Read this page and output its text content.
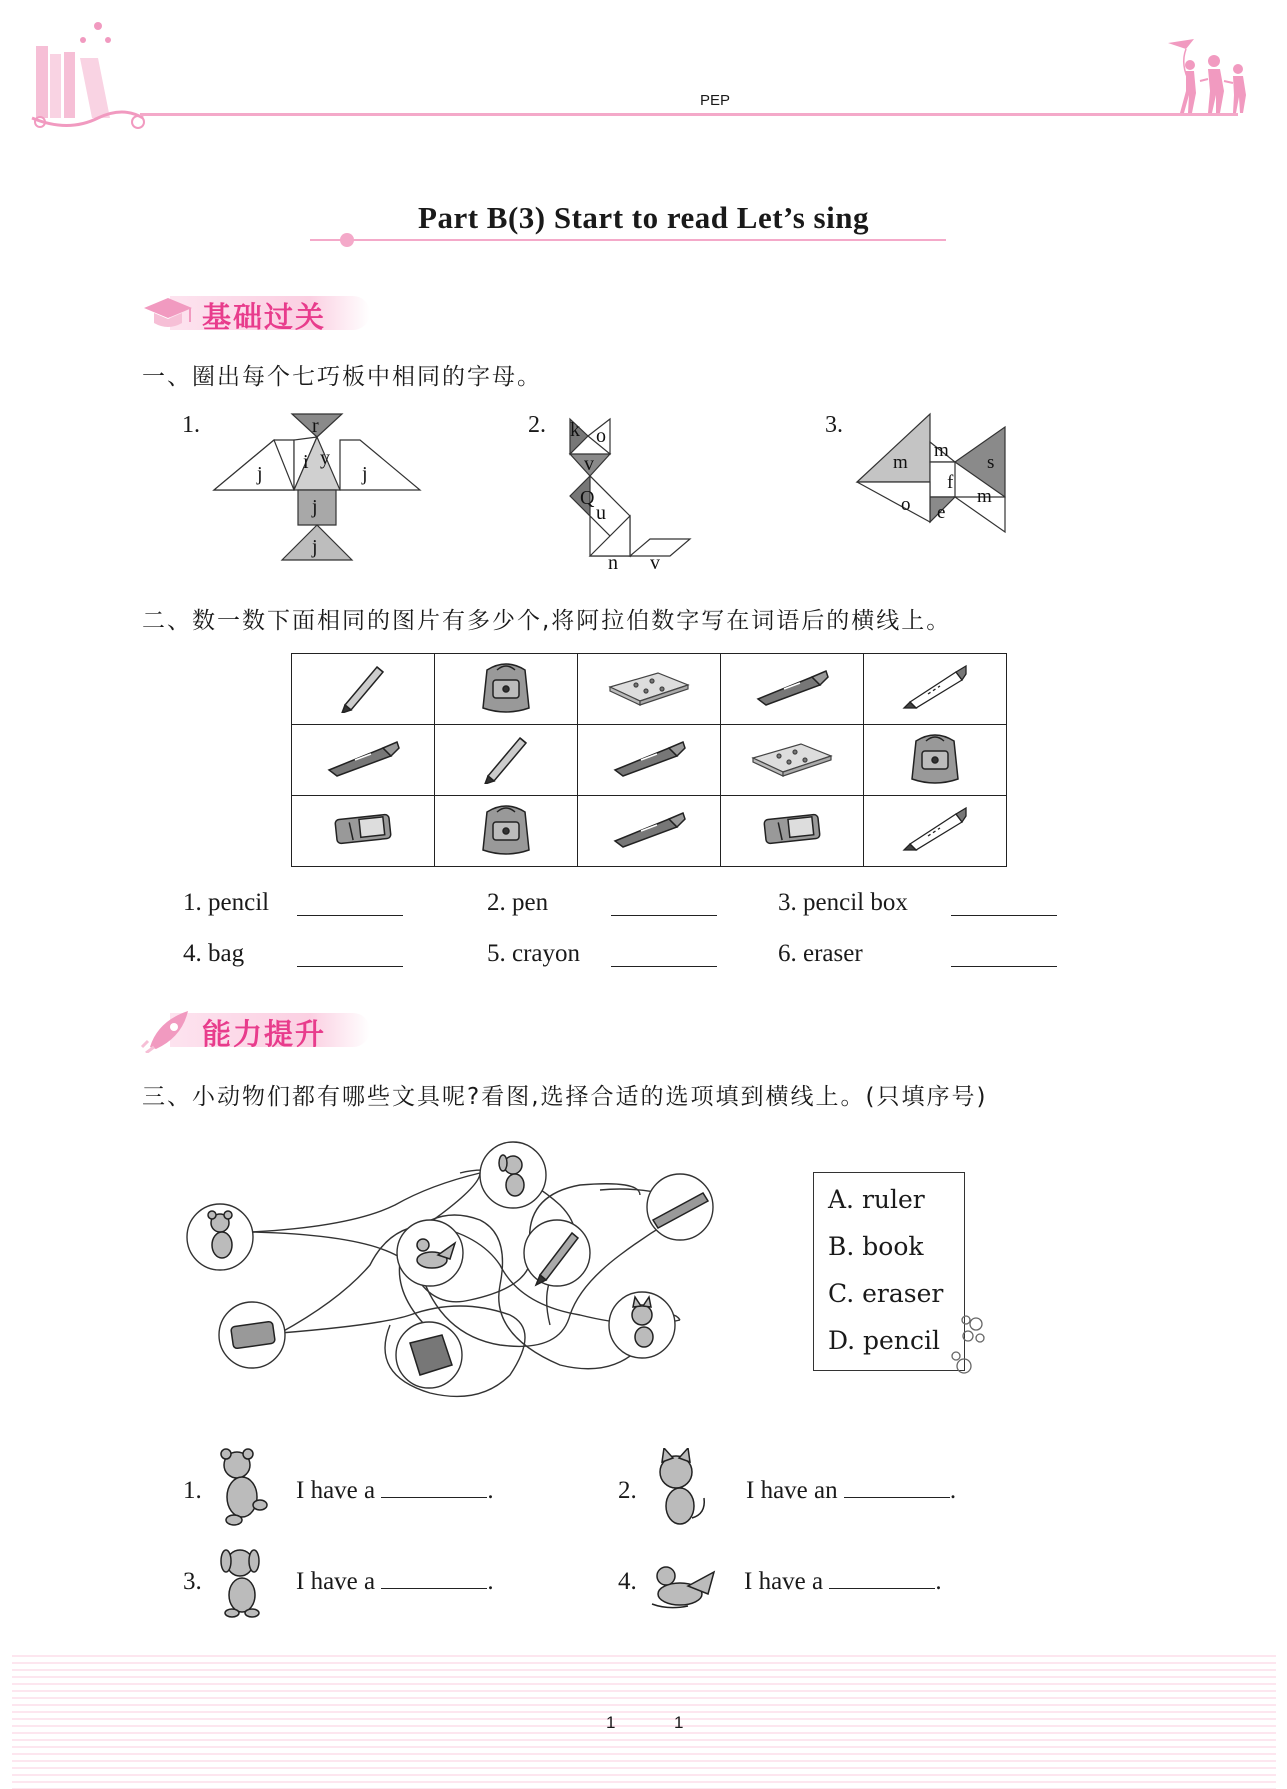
PEP
Part B(3) Start to read Let’s sing
基础过关
一、圈出每个七巧板中相同的字母。
1.	r
i y
j	j
j
j
2. k o
v
Q
u
n v
3.
m
m
s
f
m
o e
二、数一数下面相同的图片有多少个,将阿拉伯数字写在词语后的横线上。

1. pencil	2. pen	3. pencil box
4. bag	5. crayon	6. eraser
能力提升
三、小动物们都有哪些文具呢?看图,选择合适的选项填到横线上。(只填序号)
A. ruler
B. book
C. eraser
D. pencil
1.	I have a	.	2.	I have an	.
3.	I have a	.	4.	I have a	.
1	1
